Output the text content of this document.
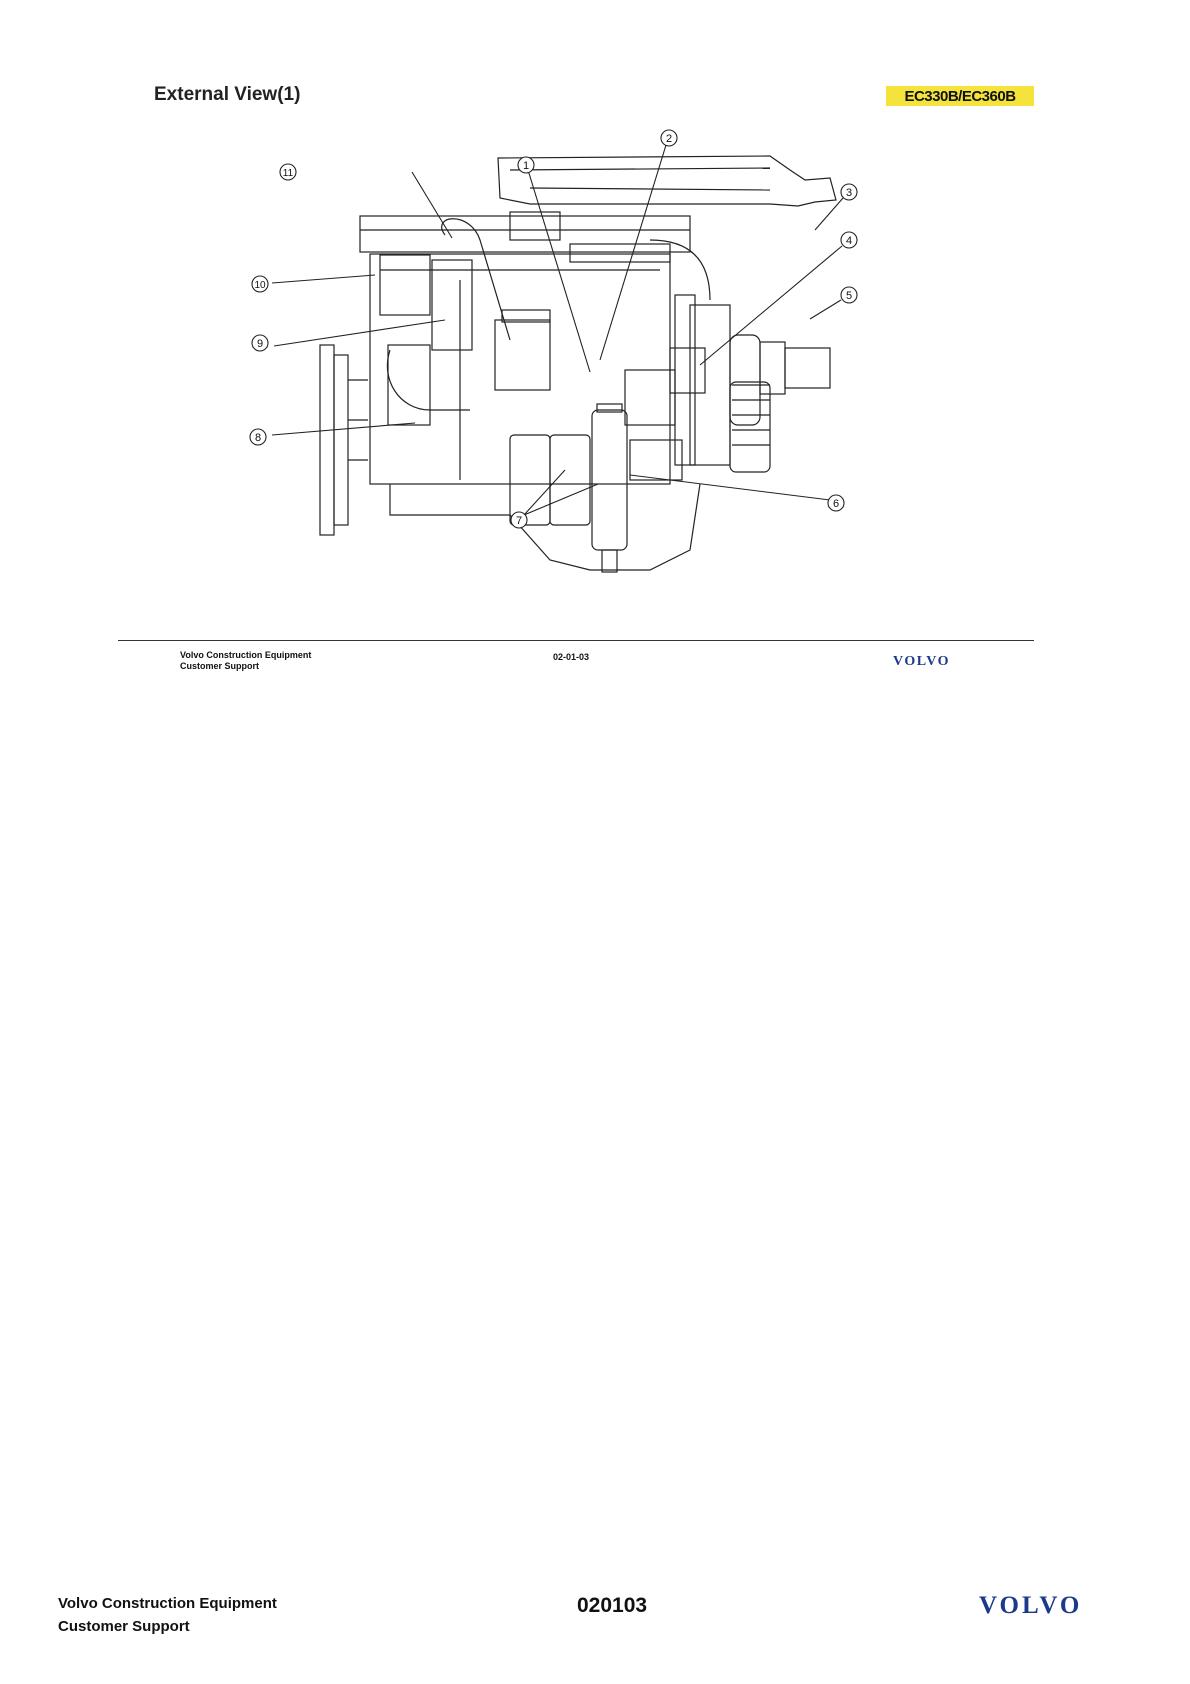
External View(1)	EC330B/EC360B
1
2
3
4
5
6
7
8
9
10
11
Volvo Construction Equipment
Customer Support
02-01-03	VOLVO
Volvo Construction Equipment
Customer Support
020103	VOLVO
